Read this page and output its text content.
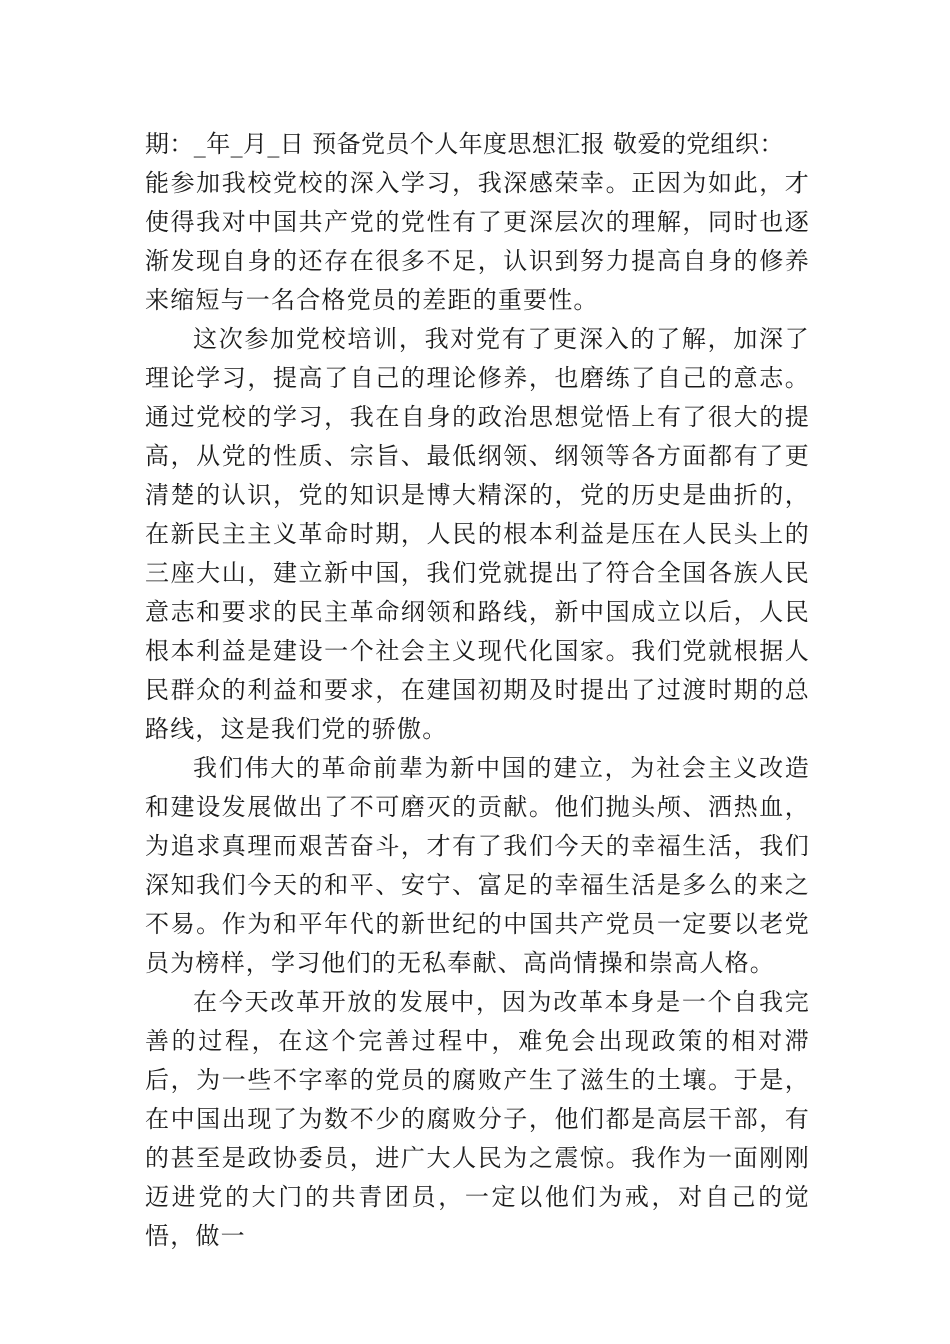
期：_年_月_日 预备党员个人年度思想汇报 敬爱的党组织：

能参加我校党校的深入学习，我深感荣幸。正因为如此，才使得我对中国共产党的党性有了更深层次的理解，同时也逐渐发现自身的还存在很多不足，认识到努力提高自身的修养来缩短与一名合格党员的差距的重要性。

这次参加党校培训，我对党有了更深入的了解，加深了理论学习，提高了自己的理论修养，也磨练了自己的意志。通过党校的学习，我在自身的政治思想觉悟上有了很大的提高，从党的性质、宗旨、最低纲领、纲领等各方面都有了更清楚的认识，党的知识是博大精深的，党的历史是曲折的，在新民主主义革命时期，人民的根本利益是压在人民头上的三座大山，建立新中国，我们党就提出了符合全国各族人民意志和要求的民主革命纲领和路线，新中国成立以后，人民根本利益是建设一个社会主义现代化国家。我们党就根据人民群众的利益和要求，在建国初期及时提出了过渡时期的总路线，这是我们党的骄傲。

我们伟大的革命前辈为新中国的建立，为社会主义改造和建设发展做出了不可磨灭的贡献。他们抛头颅、洒热血，为追求真理而艰苦奋斗，才有了我们今天的幸福生活，我们深知我们今天的和平、安宁、富足的幸福生活是多么的来之不易。作为和平年代的新世纪的中国共产党员一定要以老党员为榜样，学习他们的无私奉献、高尚情操和崇高人格。

在今天改革开放的发展中，因为改革本身是一个自我完善的过程，在这个完善过程中，难免会出现政策的相对滞后，为一些不字率的党员的腐败产生了滋生的土壤。于是，在中国出现了为数不少的腐败分子，他们都是高层干部，有的甚至是政协委员，进广大人民为之震惊。我作为一面刚刚迈进党的大门的共青团员，一定以他们为戒，对自己的觉悟，做一
